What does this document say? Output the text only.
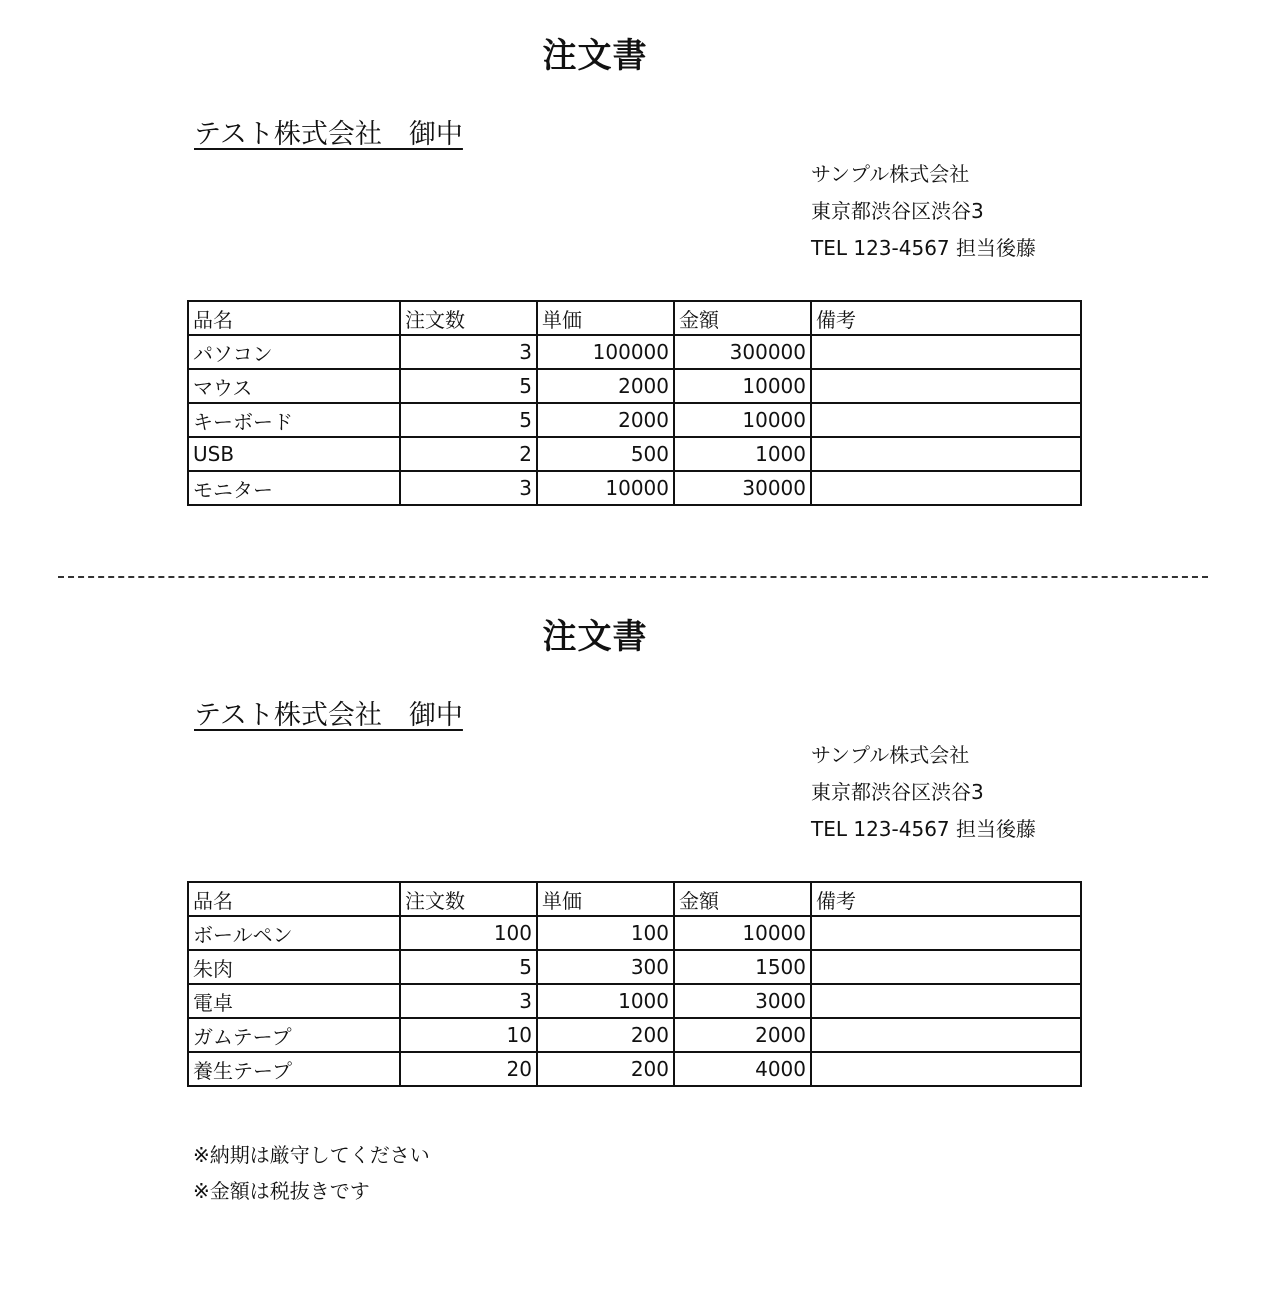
注文書
テスト株式会社　御中
サンプル株式会社
東京都渋谷区渋谷3
TEL 123-4567 担当後藤
品名	注文数	単価	金額	備考
パソコン	3	100000	300000	
マウス	5	2000	10000	
キーボード	5	2000	10000	
USB	2	500	1000	
モニター	3	10000	30000	
注文書
テスト株式会社　御中
サンプル株式会社
東京都渋谷区渋谷3
TEL 123-4567 担当後藤
品名	注文数	単価	金額	備考
ボールペン	100	100	10000	
朱肉	5	300	1500	
電卓	3	1000	3000	
ガムテープ	10	200	2000	
養生テープ	20	200	4000	
※納期は厳守してください
※金額は税抜きです
